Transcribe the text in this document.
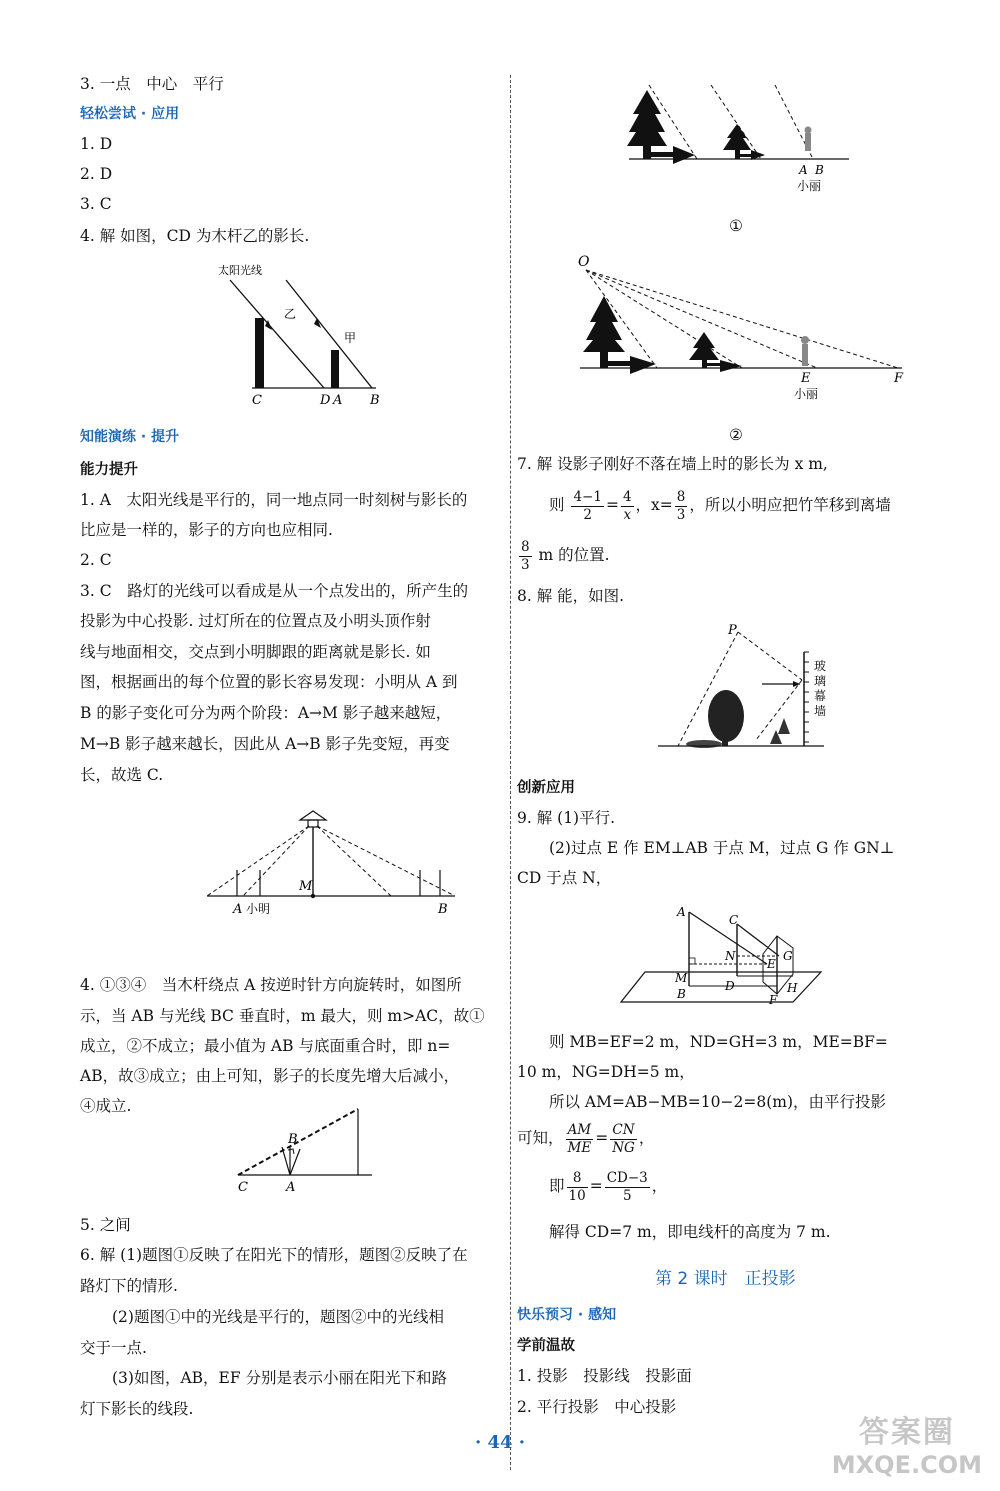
3. 一点　中心　平行
轻松尝试 · 应用
1. D
2. D
3. C
4. 解 如图，CD 为木杆乙的影长.
太阳光线
乙
甲
C	D A B
知能演练 · 提升
能力提升
1. A　太阳光线是平行的，同一地点同一时刻树与影长的
比应是一样的，影子的方向也应相同.
2. C
3. C　路灯的光线可以看成是从一个点发出的，所产生的
投影为中心投影. 过灯所在的位置点及小明头顶作射
线与地面相交，交点到小明脚跟的距离就是影长. 如
图，根据画出的每个位置的影长容易发现：小明从 A 到
B 的影子变化可分为两个阶段：A→M 影子越来越短，
M→B 影子越来越长，因此从 A→B 影子先变短，再变
长，故选 C.
M
A 小明	B
4. ①③④　当木杆绕点 A 按逆时针方向旋转时，如图所
示，当 AB 与光线 BC 垂直时，m 最大，则 m>AC，故①
成立，②不成立；最小值为 AB 与底面重合时，即 n=
AB，故③成立；由上可知，影子的长度先增大后减小，
④成立.
B
C	A
5. 之间
6. 解 (1)题图①反映了在阳光下的情形，题图②反映了在
路灯下的情形.
(2)题图①中的光线是平行的，题图②中的光线相
交于一点.
(3)如图，AB，EF 分别是表示小丽在阳光下和路
灯下影长的线段.
A B
小丽
①
O
E	F
小丽
②
7. 解 设影子刚好不落在墙上时的影长为 x m,
则 $\frac{4-1}{2} = \frac{4}{x}$ ，$x= \frac{8}{3}$ ，所以小明应把竹竿移到离墙
$\frac{8}{3}$ m 的位置.
8. 解 能，如图.
P
玻 璃幕墙
创新应用
9. 解 (1)平行.
(2)过点 E 作 EM⊥AB 于点 M，过点 G 作 GN⊥
CD 于点 N，
A
C
N	G
E
M
D
B	F
H
则 MB=EF=2 m，ND=GH=3 m，ME=BF=
10 m，NG=DH=5 m，
所以 AM=AB−MB=10−2=8(m)，由平行投影
可知， $\frac{AM}{ME} = \frac{CN}{NG}$ ，
即 $\frac{8}{10} = \frac{CD-3}{5}$ ，
解得 CD=7 m，即电线杆的高度为 7 m.
第 2 课时　正投影
快乐预习 · 感知
学前温故
1. 投影　投影线　投影面
2. 平行投影　中心投影
· 44 ·	答案圈
MXQE.COM
